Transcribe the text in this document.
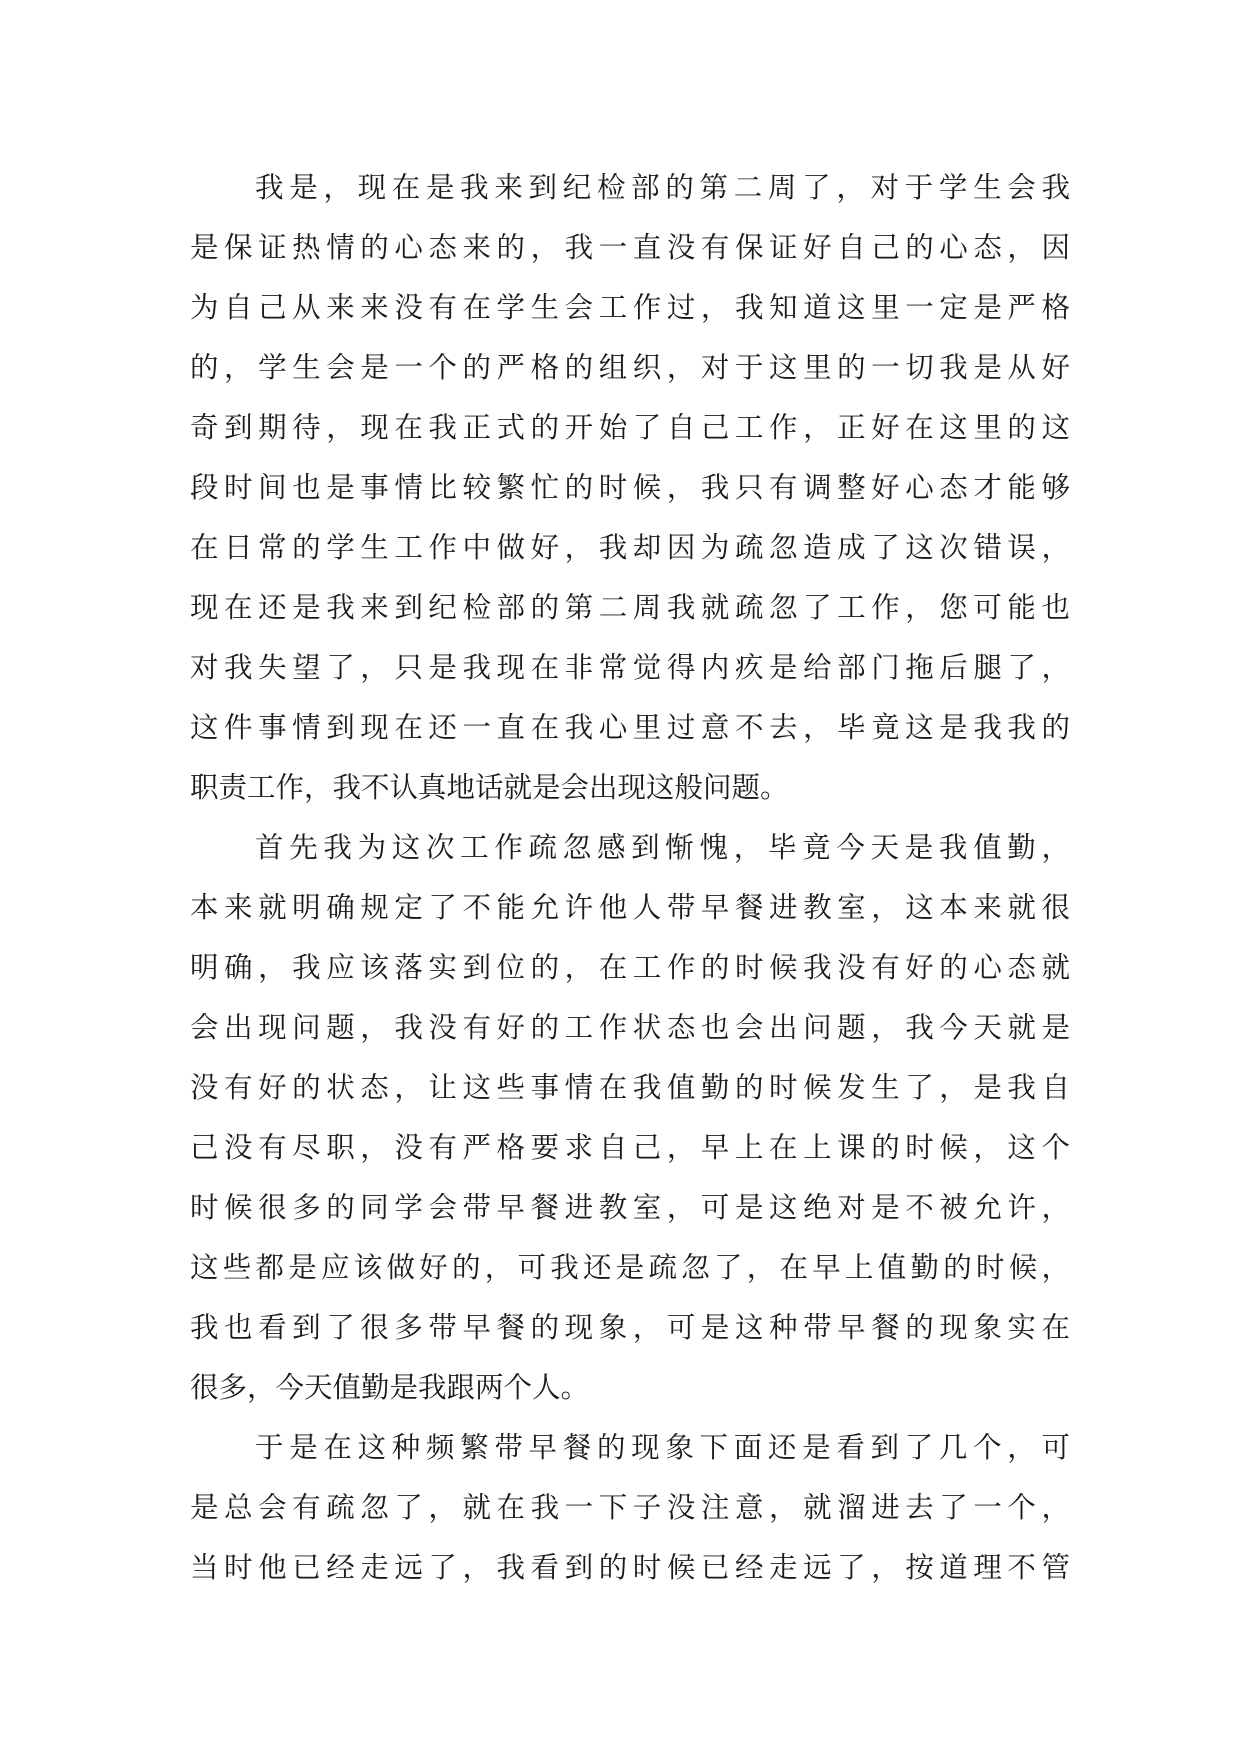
我是，现在是我来到纪检部的第二周了，对于学生会我
是保证热情的心态来的，我一直没有保证好自己的心态，因
为自己从来来没有在学生会工作过，我知道这里一定是严格
的，学生会是一个的严格的组织，对于这里的一切我是从好
奇到期待，现在我正式的开始了自己工作，正好在这里的这
段时间也是事情比较繁忙的时候，我只有调整好心态才能够
在日常的学生工作中做好，我却因为疏忽造成了这次错误，
现在还是我来到纪检部的第二周我就疏忽了工作，您可能也
对我失望了，只是我现在非常觉得内疚是给部门拖后腿了，
这件事情到现在还一直在我心里过意不去，毕竟这是我我的
职责工作，我不认真地话就是会出现这般问题。

首先我为这次工作疏忽感到惭愧，毕竟今天是我值勤，
本来就明确规定了不能允许他人带早餐进教室，这本来就很
明确，我应该落实到位的，在工作的时候我没有好的心态就
会出现问题，我没有好的工作状态也会出问题，我今天就是
没有好的状态，让这些事情在我值勤的时候发生了，是我自
己没有尽职，没有严格要求自己，早上在上课的时候，这个
时候很多的同学会带早餐进教室，可是这绝对是不被允许，
这些都是应该做好的，可我还是疏忽了，在早上值勤的时候，
我也看到了很多带早餐的现象，可是这种带早餐的现象实在
很多，今天值勤是我跟两个人。

于是在这种频繁带早餐的现象下面还是看到了几个，可
是总会有疏忽了，就在我一下子没注意，就溜进去了一个，
当时他已经走远了，我看到的时候已经走远了，按道理不管
